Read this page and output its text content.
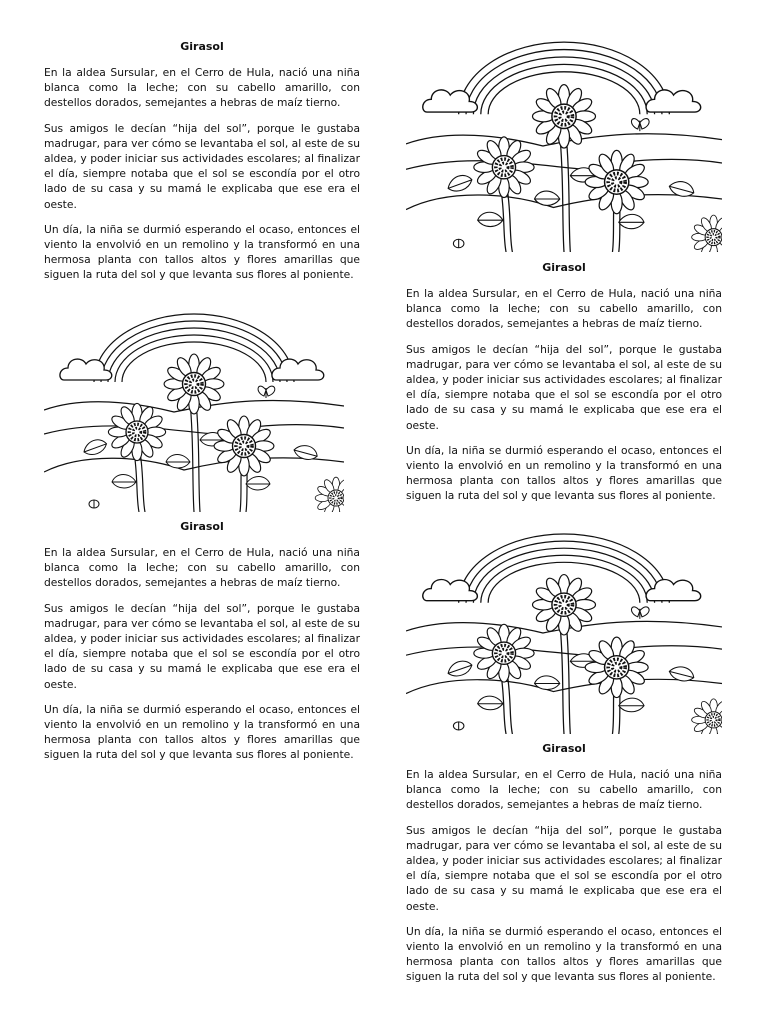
Girasol

En la aldea Sursular, en el Cerro de Hula, nació una niña blanca como la leche; con su cabello amarillo, con destellos dorados, semejantes a hebras de maíz tierno.

Sus amigos le decían “hija del sol”, porque le gustaba madrugar, para ver cómo se levantaba el sol, al este de su aldea, y poder iniciar sus actividades escolares; al finalizar el día, siempre notaba que el sol se escondía por el otro lado de su casa y su mamá le explicaba que ese era el oeste.

Un día, la niña se durmió esperando el ocaso, entonces el viento la envolvió en un remolino y la transformó en una hermosa planta con tallos altos y flores amarillas que siguen la ruta del sol y que levanta sus flores al poniente.

Girasol

En la aldea Sursular, en el Cerro de Hula, nació una niña blanca como la leche; con su cabello amarillo, con destellos dorados, semejantes a hebras de maíz tierno.

Sus amigos le decían “hija del sol”, porque le gustaba madrugar, para ver cómo se levantaba el sol, al este de su aldea, y poder iniciar sus actividades escolares; al finalizar el día, siempre notaba que el sol se escondía por el otro lado de su casa y su mamá le explicaba que ese era el oeste.

Un día, la niña se durmió esperando el ocaso, entonces el viento la envolvió en un remolino y la transformó en una hermosa planta con tallos altos y flores amarillas que siguen la ruta del sol y que levanta sus flores al poniente.

Girasol

En la aldea Sursular, en el Cerro de Hula, nació una niña blanca como la leche; con su cabello amarillo, con destellos dorados, semejantes a hebras de maíz tierno.

Sus amigos le decían “hija del sol”, porque le gustaba madrugar, para ver cómo se levantaba el sol, al este de su aldea, y poder iniciar sus actividades escolares; al finalizar el día, siempre notaba que el sol se escondía por el otro lado de su casa y su mamá le explicaba que ese era el oeste.

Un día, la niña se durmió esperando el ocaso, entonces el viento la envolvió en un remolino y la transformó en una hermosa planta con tallos altos y flores amarillas que siguen la ruta del sol y que levanta sus flores al poniente.

Girasol

En la aldea Sursular, en el Cerro de Hula, nació una niña blanca como la leche; con su cabello amarillo, con destellos dorados, semejantes a hebras de maíz tierno.

Sus amigos le decían “hija del sol”, porque le gustaba madrugar, para ver cómo se levantaba el sol, al este de su aldea, y poder iniciar sus actividades escolares; al finalizar el día, siempre notaba que el sol se escondía por el otro lado de su casa y su mamá le explicaba que ese era el oeste.

Un día, la niña se durmió esperando el ocaso, entonces el viento la envolvió en un remolino y la transformó en una hermosa planta con tallos altos y flores amarillas que siguen la ruta del sol y que levanta sus flores al poniente.
